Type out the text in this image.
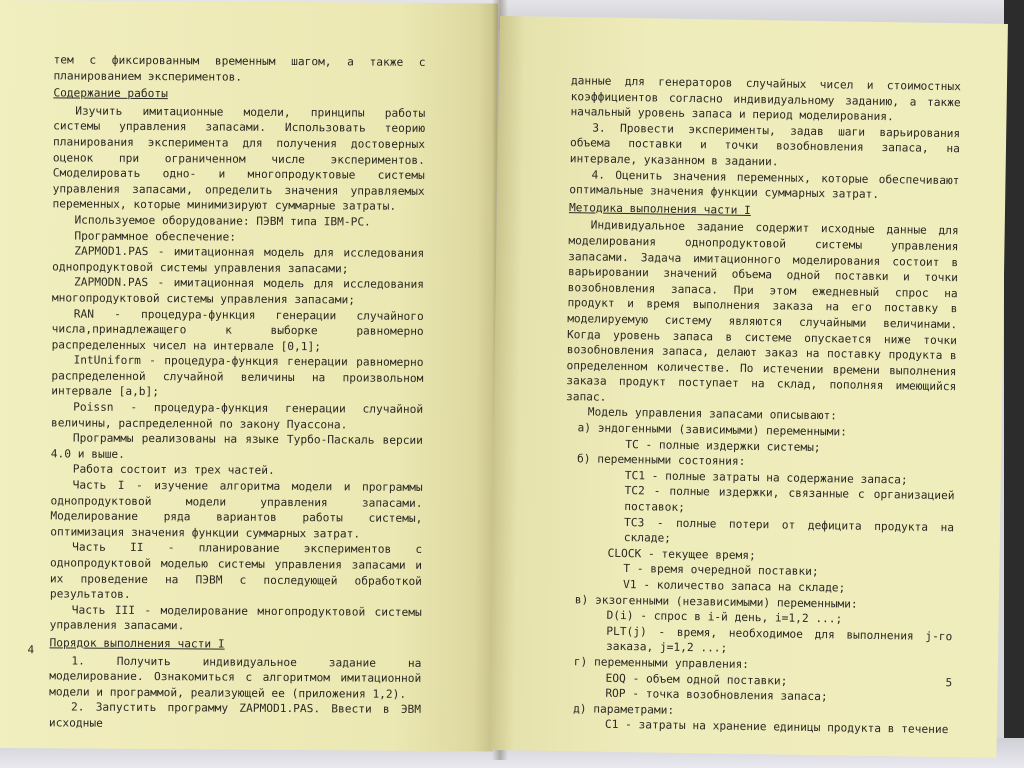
тем с фиксированным временным шагом, а также с планированием экспериментов.

Содержание работы

Изучить имитационные модели, принципы работы системы управления запасами. Использовать теорию планирования эксперимента для получения достоверных оценок при ограниченном числе экспериментов. Смоделировать одно- и многопродуктовые системы управления запасами, определить значения управляемых переменных, которые минимизируют суммарные затраты.

Используемое оборудование: ПЭВМ типа IBM-PC.

Программное обеспечение:

ZAPMOD1.PAS - имитационная модель для исследования однопродуктовой системы управления запасами;

ZAPMODN.PAS - имитационная модель для исследования многопродуктовой системы управления запасами;

RAN - процедура-функция генерации случайного числа,принадлежащего к выборке равномерно распределенных чисел на интервале [0,1];

IntUniform - процедура-функция генерации равномерно распределенной случайной величины на произвольном интервале [a,b];

Poissn - процедура-функция генерации случайной величины, распределенной по закону Пуассона.

Программы реализованы на языке Турбо-Паскаль версии 4.0 и выше.

Работа состоит из трех частей.

Часть I - изучение алгоритма модели и программы однопродуктовой модели управления запасами. Моделирование ряда вариантов работы системы, оптимизация значения функции суммарных затрат.

Часть II - планирование экспериментов с однопродуктовой моделью системы управления запасами и их проведение на ПЭВМ с последующей обработкой результатов.

Часть III - моделирование многопродуктовой системы управления запасами.

Порядок выполнения части I

1. Получить индивидуальное задание на моделирование. Ознакомиться с алгоритмом имитационной модели и программой, реализующей ее (приложения 1,2).

2. Запустить программу ZAPMOD1.PAS. Ввести в ЭВМ исходные

4

данные для генераторов случайных чисел и стоимостных коэффициентов согласно индивидуальному заданию, а также начальный уровень запаса и период моделирования.

3. Провести эксперименты, задав шаги варьирования объема поставки и точки возобновления запаса, на интервале, указанном в задании.

4. Оценить значения переменных, которые обеспечивают оптимальные значения функции суммарных затрат.

Методика выполнения части I

Индивидуальное задание содержит исходные данные для моделирования однопродуктовой системы управления запасами. Задача имитационного моделирования состоит в варьировании значений объема одной поставки и точки возобновления запаса. При этом ежедневный спрос на продукт и время выполнения заказа на его поставку в моделируемую систему являются случайными величинами. Когда уровень запаса в системе опускается ниже точки возобновления запаса, делают заказ на поставку продукта в определенном количестве. По истечении времени выполнения заказа продукт поступает на склад, пополняя имеющийся запас.

Модель управления запасами описывают:

а) эндогенными (зависимыми) переменными:

TC - полные издержки системы;

б) переменными состояния:

TC1 - полные затраты на содержание запаса;

TC2 - полные издержки, связанные с организацией поставок;

TC3 - полные потери от дефицита продукта на складе;

CLOCK - текущее время;

T - время очередной поставки;

V1 - количество запаса на складе;

в) экзогенными (независимыми) переменными:

D(i) - спрос в i-й день, i=1,2 ...;

PLT(j) - время, необходимое для выполнения j-го заказа, j=1,2 ...;

г) переменными управления:

EOQ - объем одной поставки;

ROP - точка возобновления запаса;

д) параметрами:

C1 - затраты на хранение единицы продукта в течение

5
